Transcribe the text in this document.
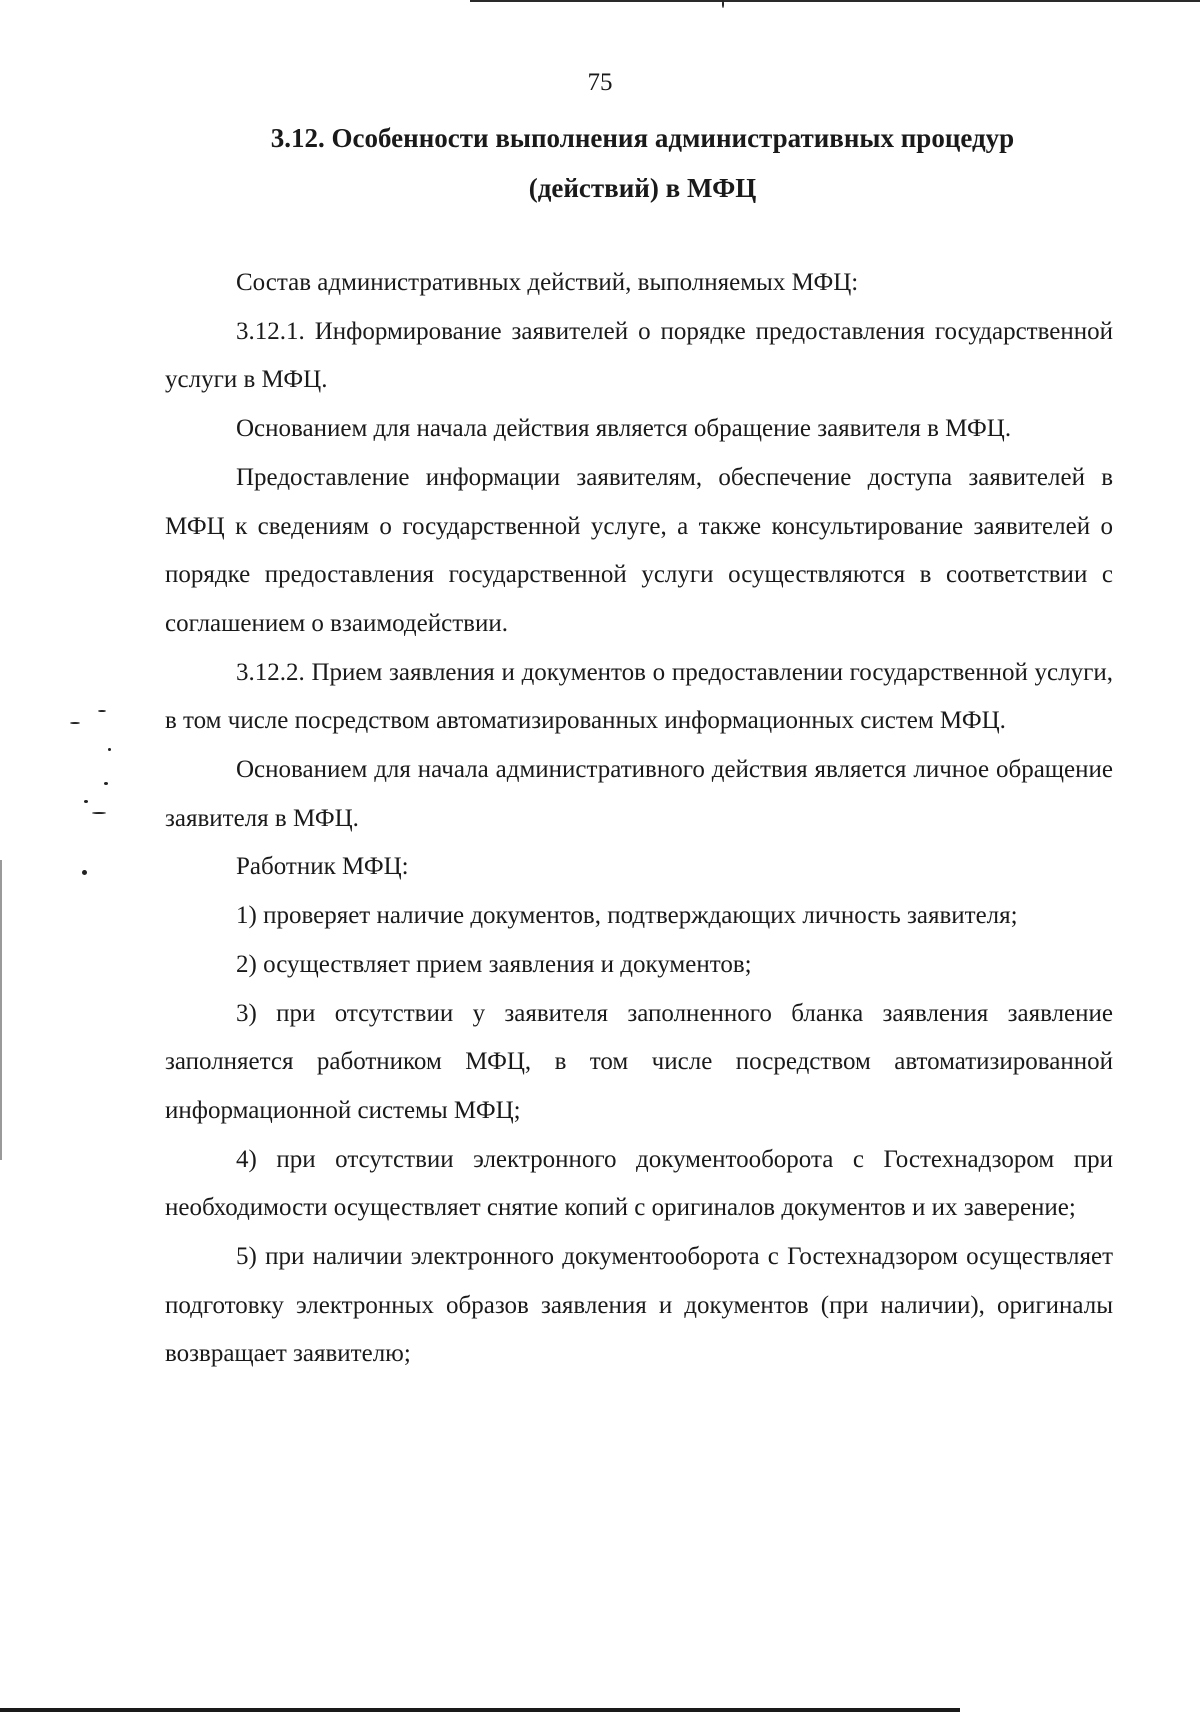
75
3.12. Особенности выполнения административных процедур
(действий) в МФЦ

Состав административных действий, выполняемых МФЦ:

3.12.1. Информирование заявителей о порядке предоставления государственной услуги в МФЦ.

Основанием для начала действия является обращение заявителя в МФЦ.

Предоставление информации заявителям, обеспечение доступа заявителей в МФЦ к сведениям о государственной услуге, а также консультирование заявителей о порядке предоставления государственной услуги осуществляются в соответствии с соглашением о взаимодействии.

3.12.2. Прием заявления и документов о предоставлении государственной услуги, в том числе посредством автоматизированных информационных систем МФЦ.

Основанием для начала административного действия является личное обращение заявителя в МФЦ.

Работник МФЦ:

1) проверяет наличие документов, подтверждающих личность заявителя;

2) осуществляет прием заявления и документов;

3) при отсутствии у заявителя заполненного бланка заявления заявление заполняется работником МФЦ, в том числе посредством автоматизированной информационной системы МФЦ;

4) при отсутствии электронного документооборота с Гостехнадзором при необходимости осуществляет снятие копий с оригиналов документов и их заверение;

5) при наличии электронного документооборота с Гостехнадзором осуществляет подготовку электронных образов заявления и документов (при наличии), оригиналы возвращает заявителю;
